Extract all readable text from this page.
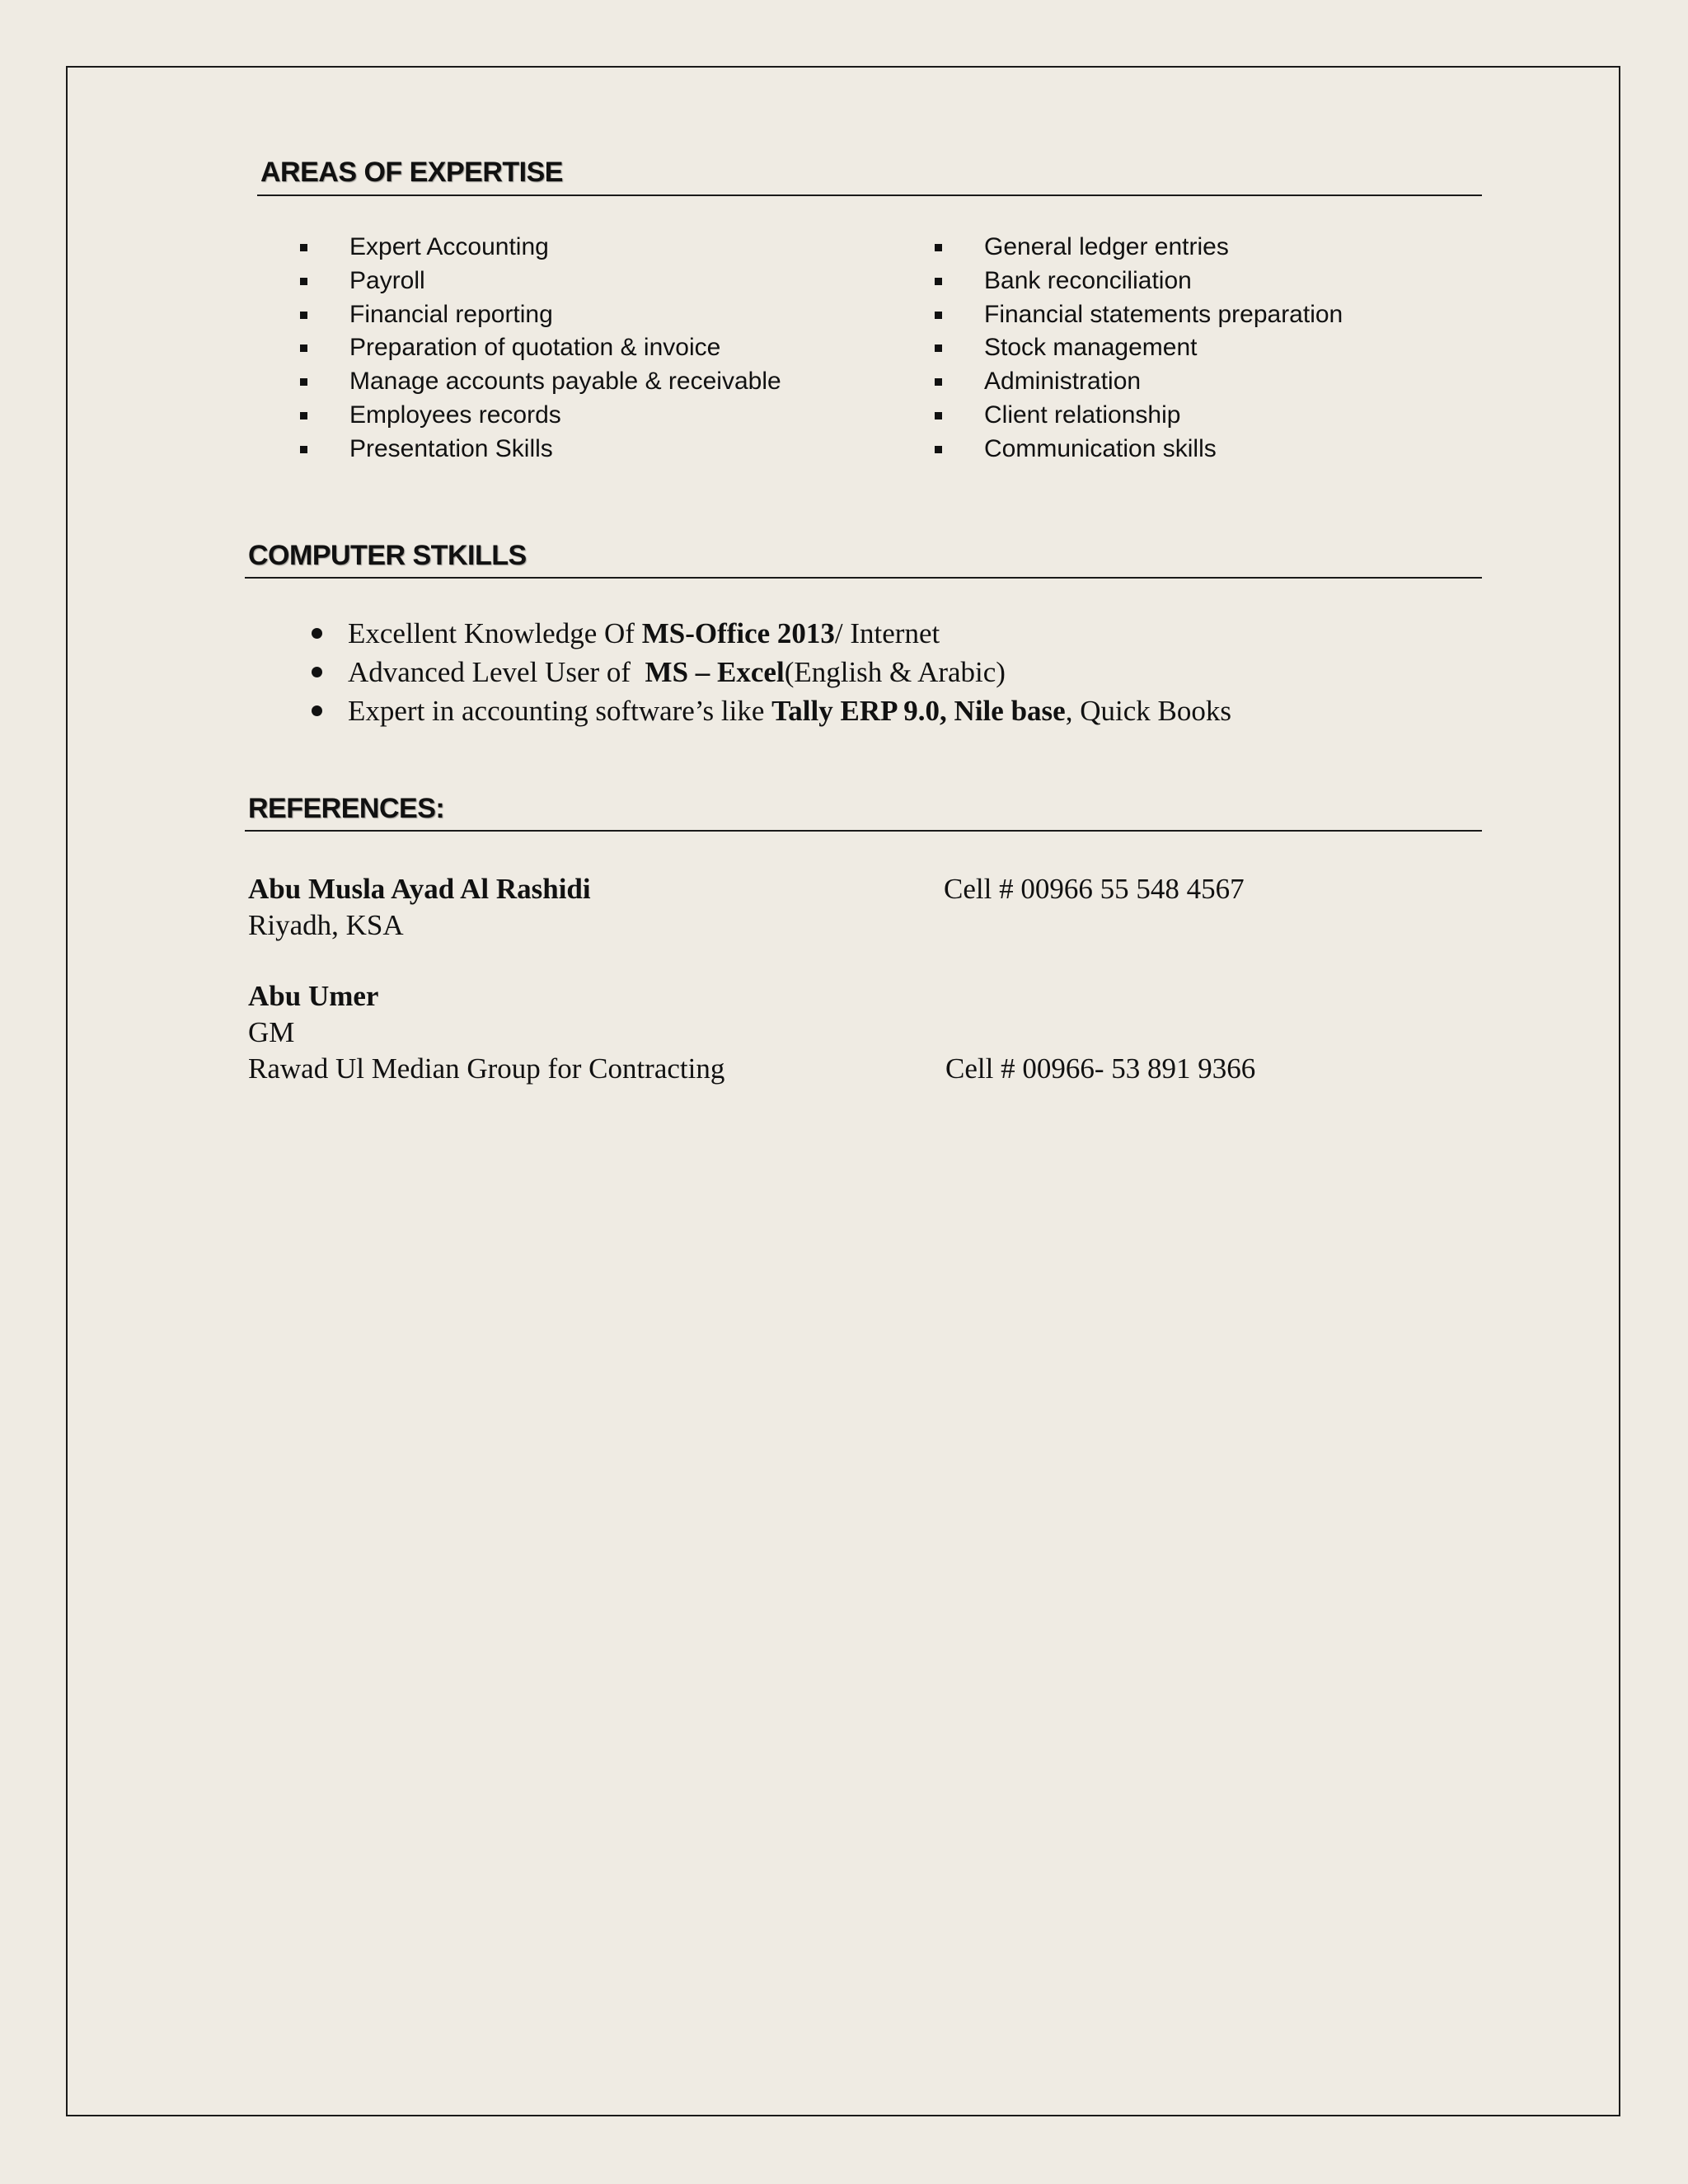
AREAS OF EXPERTISE
Expert Accounting
Payroll
Financial reporting
Preparation of quotation & invoice
Manage accounts payable & receivable
Employees records
Presentation Skills
General ledger entries
Bank reconciliation
Financial statements preparation
Stock management
Administration
Client relationship
Communication skills
COMPUTER STKILLS
Excellent Knowledge Of MS-Office 2013/ Internet
Advanced Level User of  MS – Excel(English & Arabic)
Expert in accounting software’s like Tally ERP 9.0, Nile base, Quick Books
REFERENCES:
Abu Musla Ayad Al Rashidi	Cell # 00966 55 548 4567
Riyadh, KSA
Abu Umer
GM
Rawad Ul Median Group for Contracting	Cell # 00966- 53 891 9366
